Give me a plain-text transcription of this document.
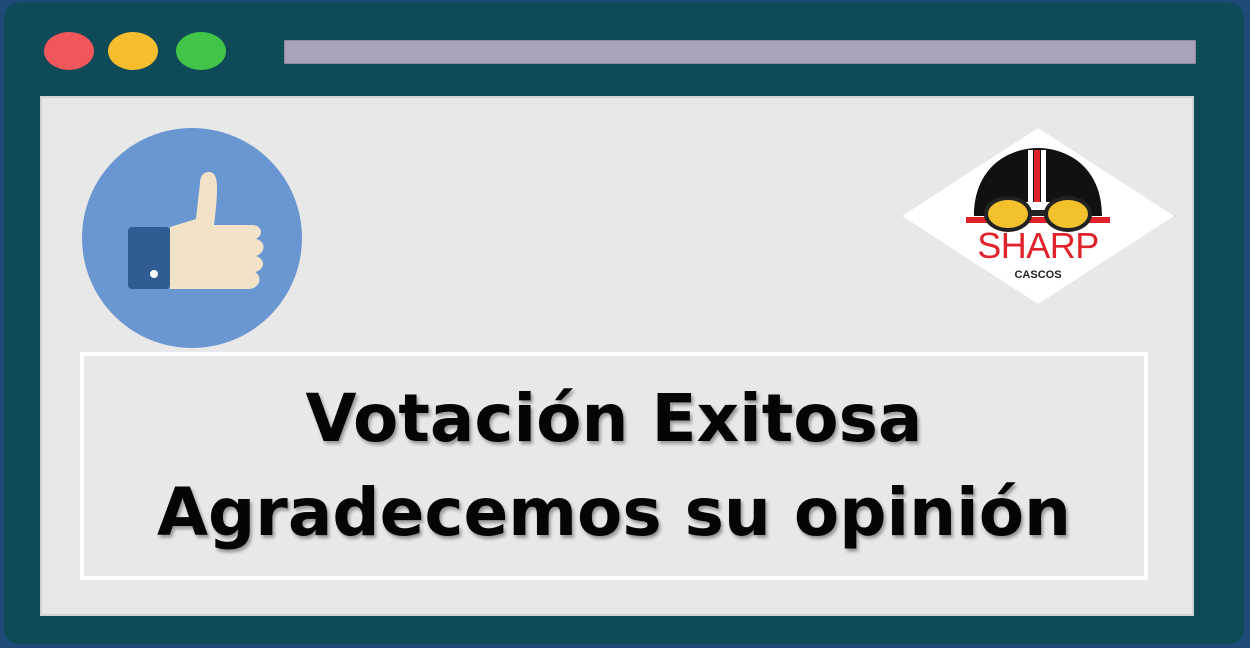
SHARP
CASCOS
Votación Exitosa
Agradecemos su opinión
